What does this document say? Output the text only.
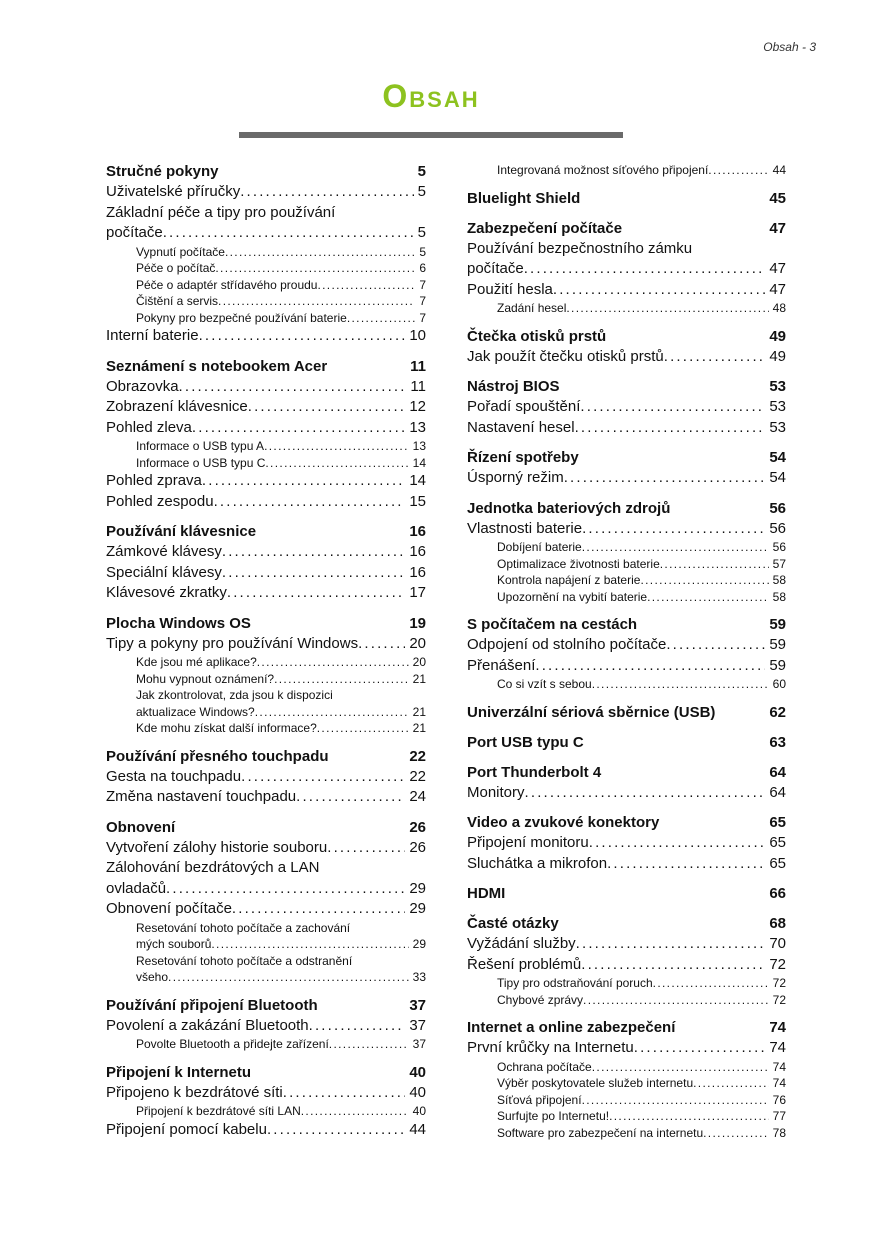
Obsah - 3
Obsah
Stručné pokyny	5
Uživatelské příručky . . .	5
Základní péče a tipy pro používání
počítače . . .	5
Vypnutí počítače . . .	5
Péče o počítač . . .	6
Péče o adaptér střídavého proudu . . .	7
Čištění a servis . . .	7
Pokyny pro bezpečné používání baterie . . .	7
Interní baterie . . .	10
Seznámení s notebookem Acer	11
Obrazovka . . .	11
Zobrazení klávesnice . . .	12
Pohled zleva . . .	13
Informace o USB typu A . . .	13
Informace o USB typu C . . .	14
Pohled zprava . . .	14
Pohled zespodu . . .	15
Používání klávesnice	16
Zámkové klávesy . . .	16
Speciální klávesy . . .	16
Klávesové zkratky . . .	17
Plocha Windows OS	19
Tipy a pokyny pro používání Windows . . .	20
Kde jsou mé aplikace? . . .	20
Mohu vypnout oznámení? . . .	21
Jak zkontrolovat, zda jsou k dispozici
aktualizace Windows? . . .	21
Kde mohu získat další informace? . . .	21
Používání přesného touchpadu	22
Gesta na touchpadu . . .	22
Změna nastavení touchpadu . . .	24
Obnovení	26
Vytvoření zálohy historie souboru . . .	26
Zálohování bezdrátových a LAN
ovladačů . . .	29
Obnovení počítače . . .	29
Resetování tohoto počítače a zachování
mých souborů . . .	29
Resetování tohoto počítače a odstranění
všeho . . .	33
Používání připojení Bluetooth	37
Povolení a zakázání Bluetooth . . .	37
Povolte Bluetooth a přidejte zařízení . . .	37
Připojení k Internetu	40
Připojeno k bezdrátové síti . . .	40
Připojení k bezdrátové síti LAN . . .	40
Připojení pomocí kabelu . . .	44
Integrovaná možnost síťového připojení . . .	44
Bluelight Shield	45
Zabezpečení počítače	47
Používání bezpečnostního zámku
počítače . . .	47
Použití hesla . . .	47
Zadání hesel . . .	48
Čtečka otisků prstů	49
Jak použít čtečku otisků prstů . . .	49
Nástroj BIOS	53
Pořadí spouštění . . .	53
Nastavení hesel . . .	53
Řízení spotřeby	54
Úsporný režim . . .	54
Jednotka bateriových zdrojů	56
Vlastnosti baterie . . .	56
Dobíjení baterie . . .	56
Optimalizace životnosti baterie . . .	57
Kontrola napájení z baterie . . .	58
Upozornění na vybití baterie . . .	58
S počítačem na cestách	59
Odpojení od stolního počítače . . .	59
Přenášení . . .	59
Co si vzít s sebou . . .	60
Univerzální sériová sběrnice (USB)	62
Port USB typu C	63
Port Thunderbolt 4	64
Monitory . . .	64
Video a zvukové konektory	65
Připojení monitoru . . .	65
Sluchátka a mikrofon . . .	65
HDMI	66
Časté otázky	68
Vyžádání služby . . .	70
Řešení problémů . . .	72
Tipy pro odstraňování poruch . . .	72
Chybové zprávy . . .	72
Internet a online zabezpečení	74
První krůčky na Internetu . . .	74
Ochrana počítače . . .	74
Výběr poskytovatele služeb internetu . . .	74
Síťová připojení . . .	76
Surfujte po Internetu! . . .	77
Software pro zabezpečení na internetu . . .	78
